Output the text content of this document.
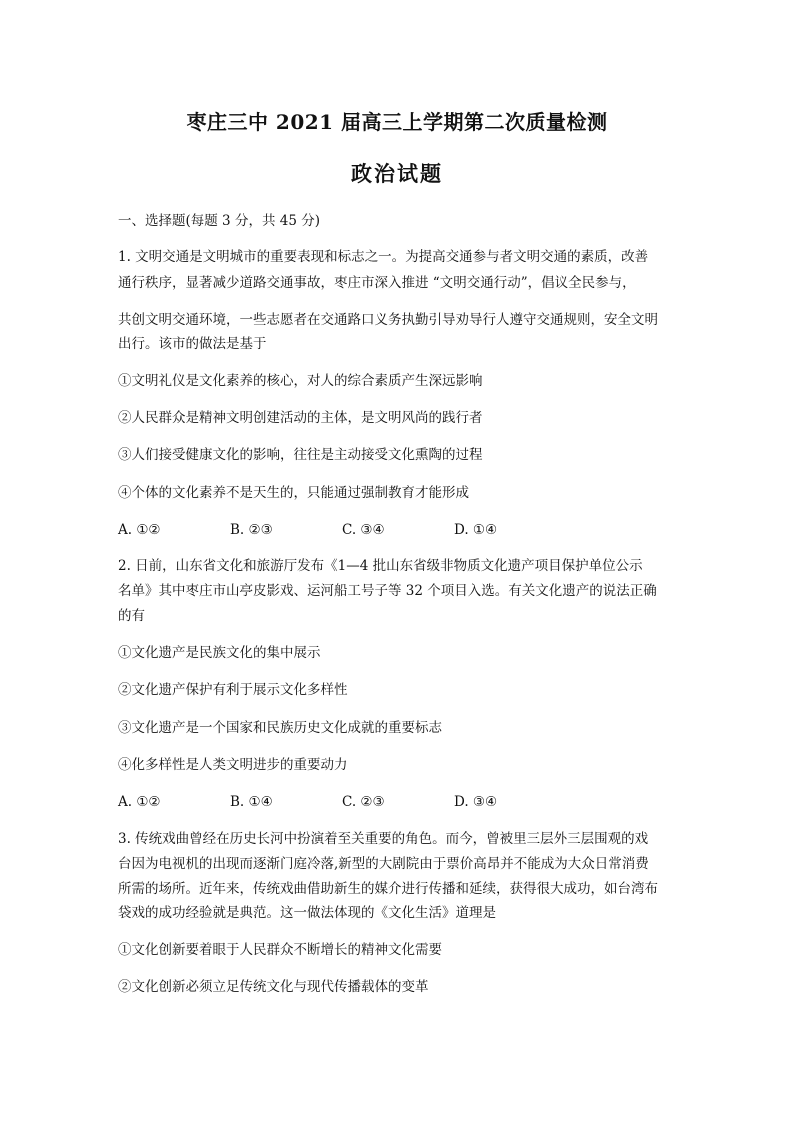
枣庄三中 2021 届高三上学期第二次质量检测
政治试题
一、选择题(每题 3 分，共 45 分)
1. 文明交通是文明城市的重要表现和标志之一。为提高交通参与者文明交通的素质，改善
通行秩序，显著减少道路交通事故，枣庄市深入推进 “文明交通行动”，倡议全民参与，
共创文明交通环境，一些志愿者在交通路口义务执勤引导劝导行人遵守交通规则，安全文明
出行。该市的做法是基于
①文明礼仪是文化素养的核心，对人的综合素质产生深远影响
②人民群众是精神文明创建活动的主体，是文明风尚的践行者
③人们接受健康文化的影响，往往是主动接受文化熏陶的过程
④个体的文化素养不是天生的，只能通过强制教育才能形成
A. ①②	B. ②③	C. ③④	D. ①④
2. 日前，山东省文化和旅游厅发布《1—4 批山东省级非物质文化遗产项目保护单位公示
名单》其中枣庄市山亭皮影戏、运河船工号子等 32 个项目入选。有关文化遗产的说法正确
的有
①文化遗产是民族文化的集中展示
②文化遗产保护有利于展示文化多样性
③文化遗产是一个国家和民族历史文化成就的重要标志
④化多样性是人类文明进步的重要动力
A. ①②	B. ①④	C. ②③	D. ③④
3. 传统戏曲曾经在历史长河中扮演着至关重要的角色。而今，曾被里三层外三层围观的戏
台因为电视机的出现而逐渐门庭冷落,新型的大剧院由于票价高昂并不能成为大众日常消费
所需的场所。近年来，传统戏曲借助新生的媒介进行传播和延续，获得很大成功，如台湾布
袋戏的成功经验就是典范。这一做法体现的《文化生活》道理是
①文化创新要着眼于人民群众不断增长的精神文化需要
②文化创新必须立足传统文化与现代传播载体的变革
